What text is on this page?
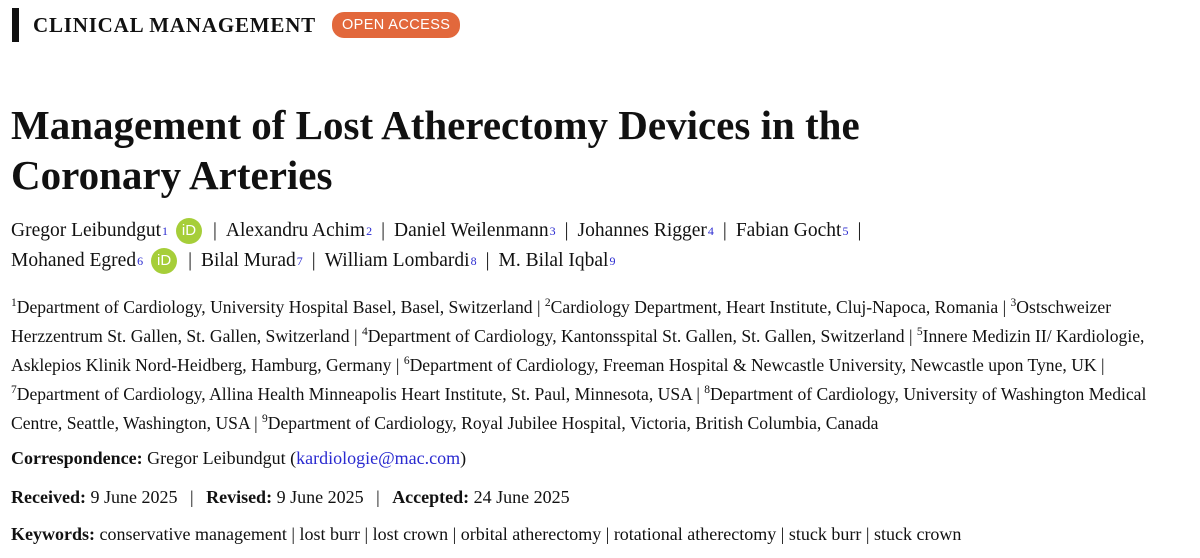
CLINICAL MANAGEMENT	OPEN ACCESS
Management of Lost Atherectomy Devices in the
Coronary Arteries
Gregor Leibundgut 1 iD | Alexandru Achim 2 | Daniel Weilenmann 3 | Johannes Rigger 4 | Fabian Gocht 5 |
Mohaned Egred 6 iD | Bilal Murad 7 | William Lombardi 8 | M. Bilal Iqbal 9
$^1$Department of Cardiology, University Hospital Basel, Basel, Switzerland | $^2$Cardiology Department, Heart Institute, Cluj-Napoca, Romania | $^3$Ostschweizer Herzzentrum St. Gallen, St. Gallen, Switzerland | $^4$Department of Cardiology, Kantonsspital St. Gallen, St. Gallen, Switzerland | $^5$Innere Medizin II/ Kardiologie, Asklepios Klinik Nord-Heidberg, Hamburg, Germany | $^6$Department of Cardiology, Freeman Hospital & Newcastle University, Newcastle upon Tyne, UK | $^7$Department of Cardiology, Allina Health Minneapolis Heart Institute, St. Paul, Minnesota, USA | $^8$Department of Cardiology, University of Washington Medical Centre, Seattle, Washington, USA | $^9$Department of Cardiology, Royal Jubilee Hospital, Victoria, British Columbia, Canada
Correspondence: Gregor Leibundgut (kardiologie@mac.com)
Received: 9 June 2025 | Revised: 9 June 2025 | Accepted: 24 June 2025
Keywords: conservative management | lost burr | lost crown | orbital atherectomy | rotational atherectomy | stuck burr | stuck crown
